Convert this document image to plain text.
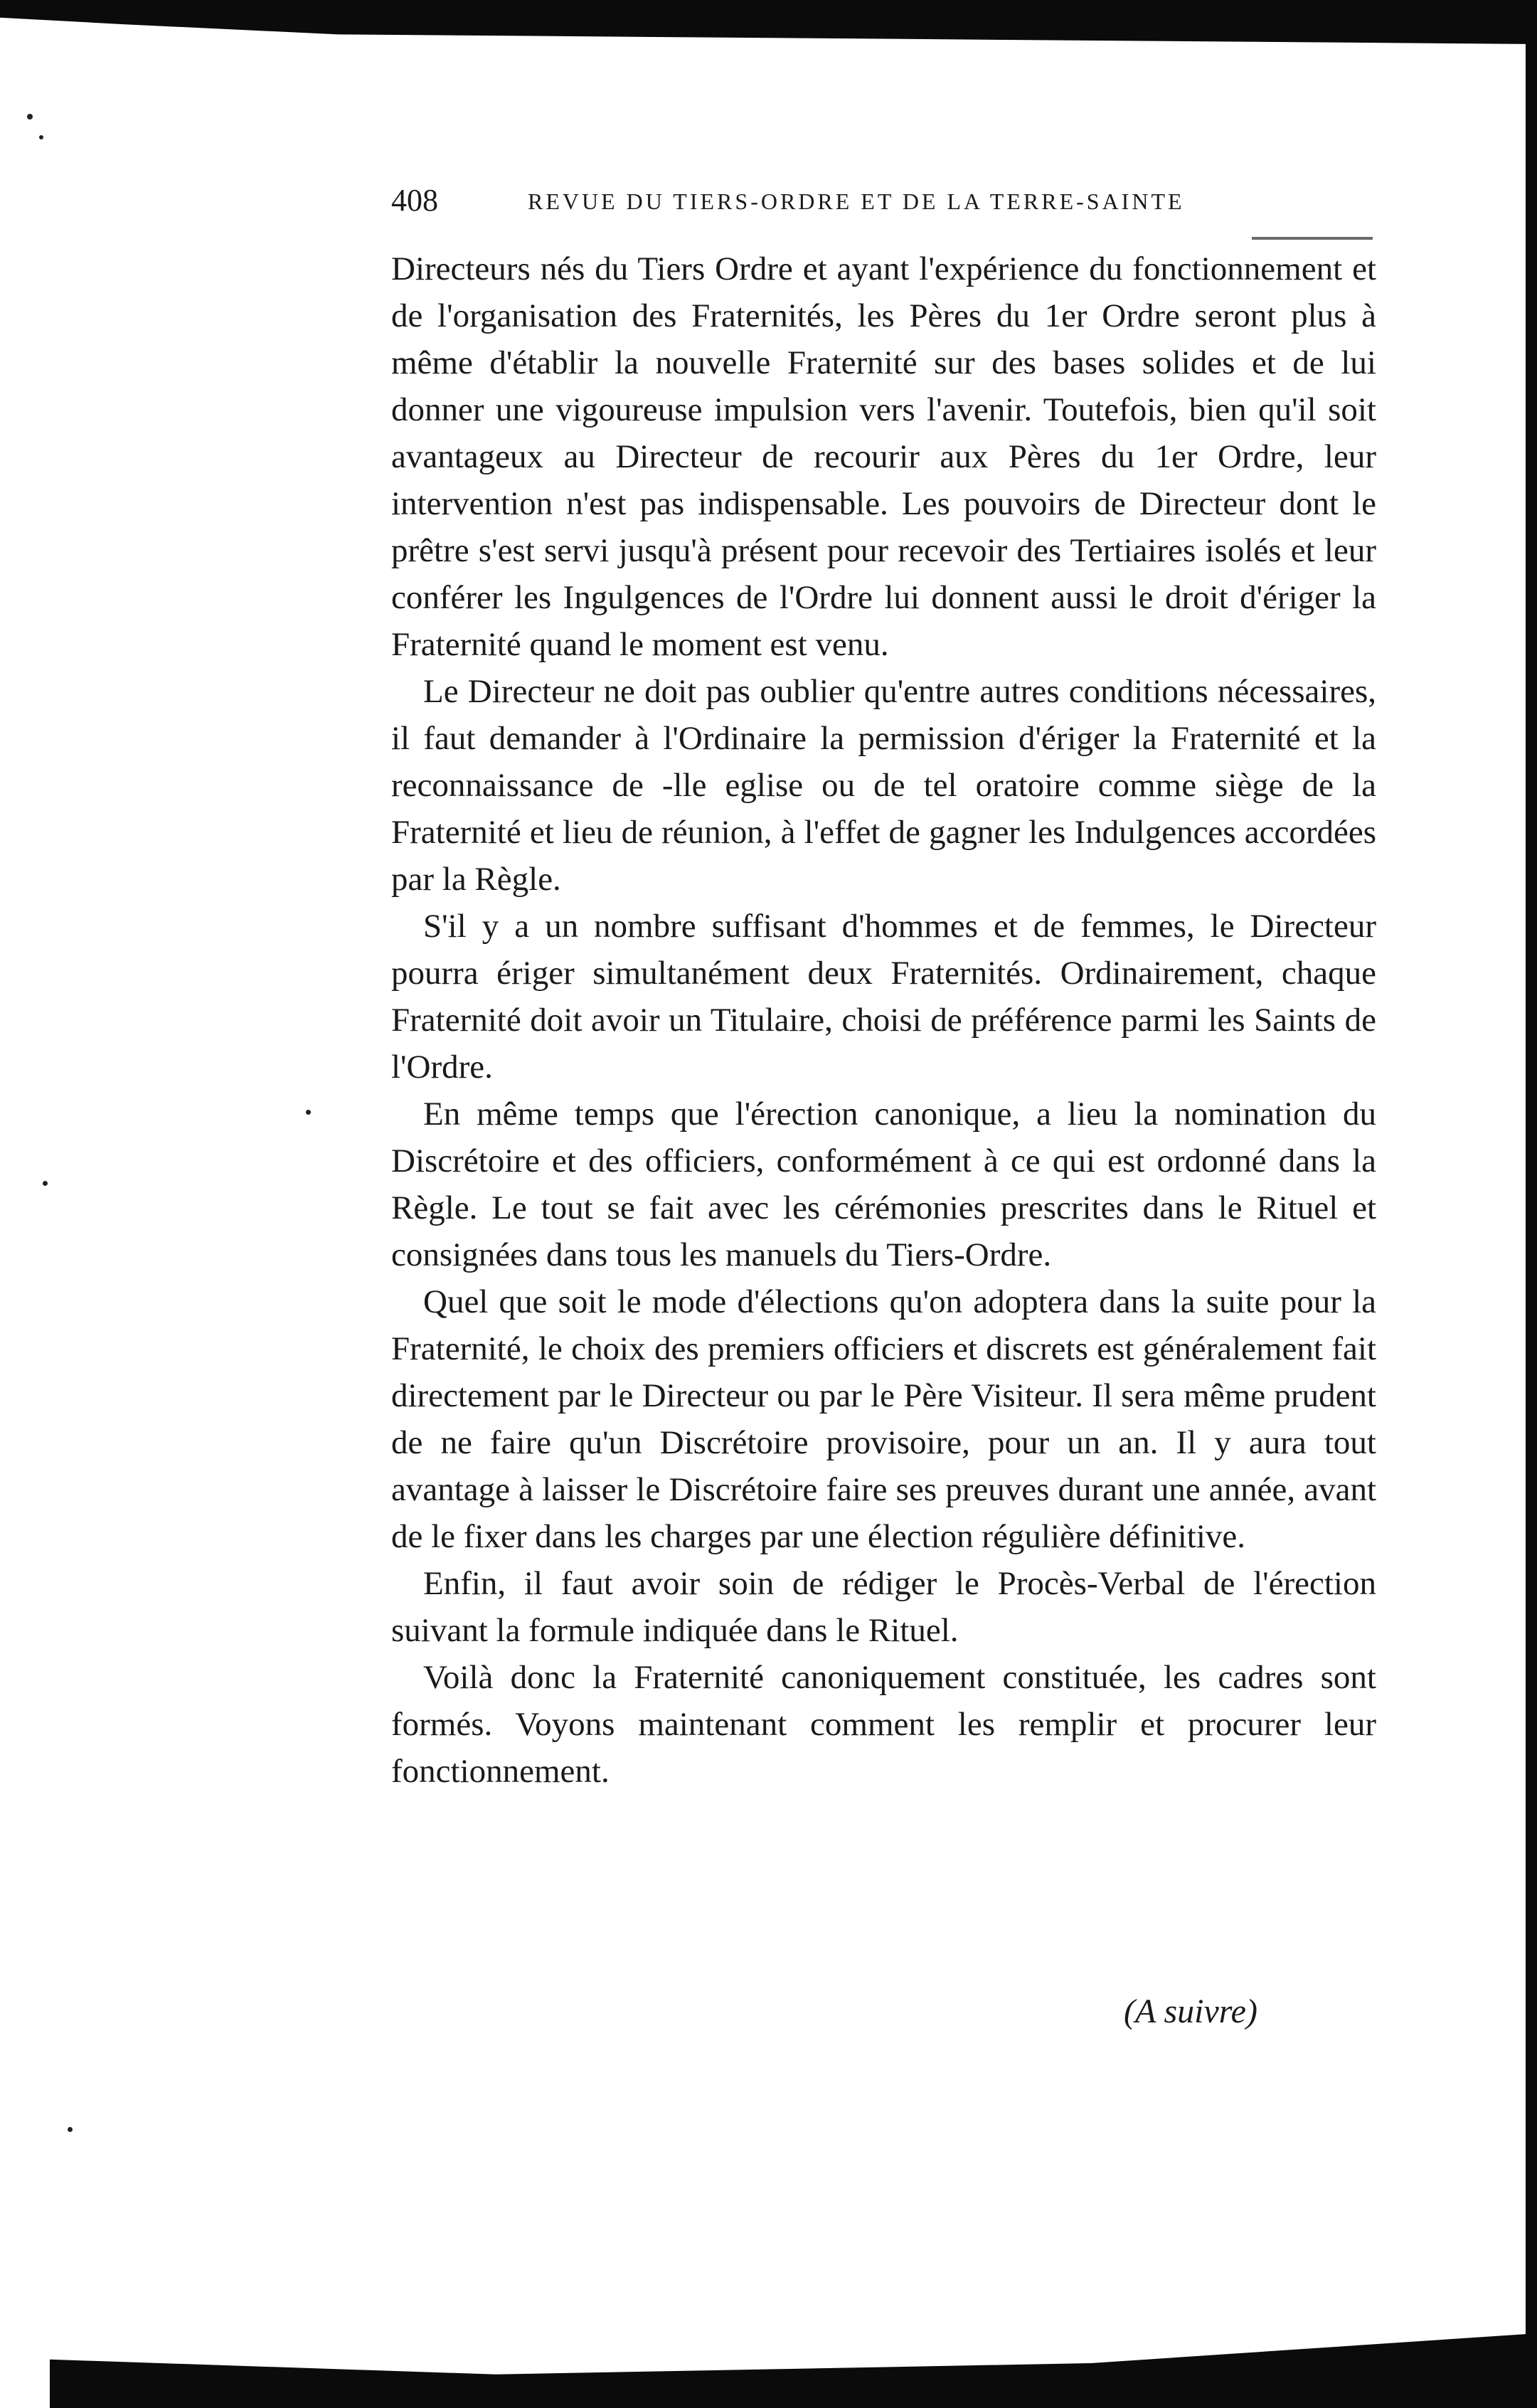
408	REVUE DU TIERS-ORDRE ET DE LA TERRE-SAINTE

Directeurs nés du Tiers Ordre et ayant l'expérience du fonctionnement et de l'organisation des Fraternités, les Pères du 1er Ordre seront plus à même d'établir la nouvelle Fraternité sur des bases solides et de lui donner une vigoureuse impulsion vers l'avenir. Toutefois, bien qu'il soit avantageux au Directeur de recourir aux Pères du 1er Ordre, leur intervention n'est pas indispensable. Les pouvoirs de Directeur dont le prêtre s'est servi jusqu'à présent pour recevoir des Tertiaires isolés et leur conférer les Ingulgences de l'Ordre lui donnent aussi le droit d'ériger la Fraternité quand le moment est venu.

Le Directeur ne doit pas oublier qu'entre autres conditions nécessaires, il faut demander à l'Ordinaire la permission d'ériger la Fraternité et la reconnaissance de -lle eglise ou de tel oratoire comme siège de la Fraternité et lieu de réunion, à l'effet de gagner les Indulgences accordées par la Règle.

S'il y a un nombre suffisant d'hommes et de femmes, le Directeur pourra ériger simultanément deux Fraternités. Ordinairement, chaque Fraternité doit avoir un Titulaire, choisi de préférence parmi les Saints de l'Ordre.

En même temps que l'érection canonique, a lieu la nomination du Discrétoire et des officiers, conformément à ce qui est ordonné dans la Règle. Le tout se fait avec les cérémonies prescrites dans le Rituel et consignées dans tous les manuels du Tiers-Ordre.

Quel que soit le mode d'élections qu'on adoptera dans la suite pour la Fraternité, le choix des premiers officiers et discrets est généralement fait directement par le Directeur ou par le Père Visiteur. Il sera même prudent de ne faire qu'un Discrétoire provisoire, pour un an. Il y aura tout avantage à laisser le Discrétoire faire ses preuves durant une année, avant de le fixer dans les charges par une élection régulière définitive.

Enfin, il faut avoir soin de rédiger le Procès-Verbal de l'érection suivant la formule indiquée dans le Rituel.

Voilà donc la Fraternité canoniquement constituée, les cadres sont formés. Voyons maintenant comment les remplir et procurer leur fonctionnement.

(A suivre)
